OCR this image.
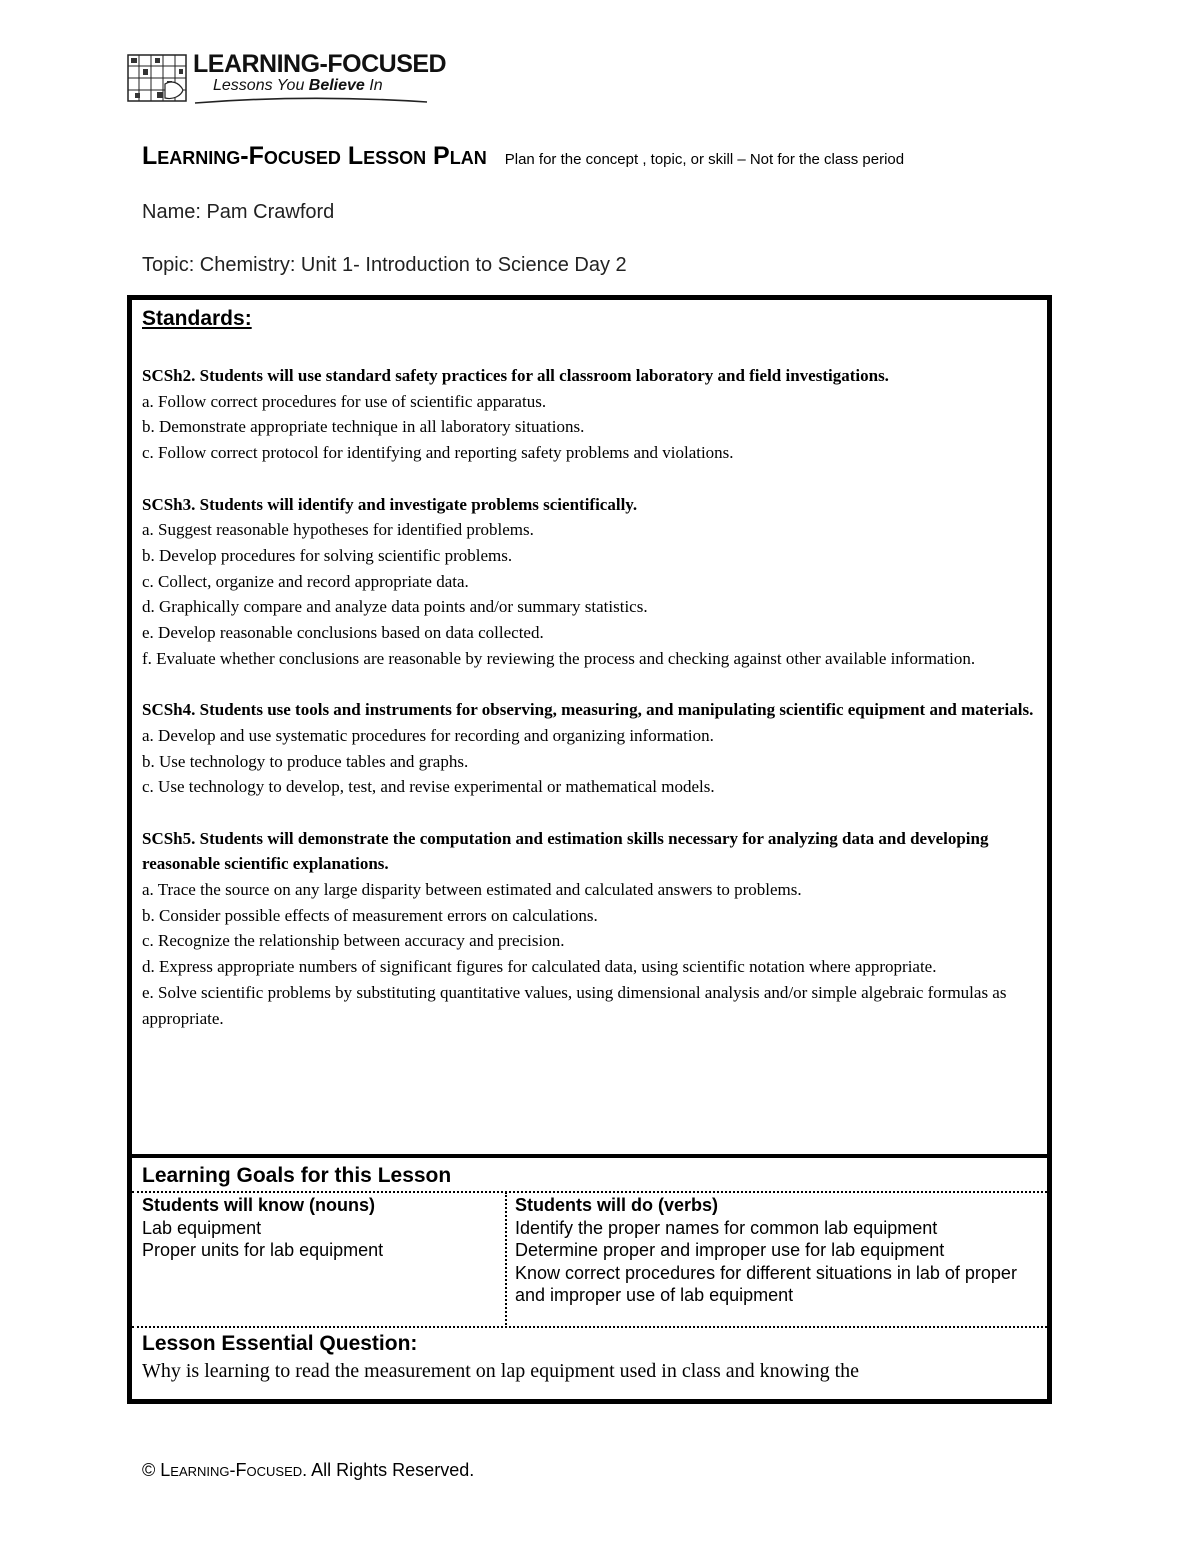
LEARNING-FOCUSED
Lessons You Believe In
Learning-Focused Lesson Plan Plan for the concept , topic, or skill – Not for the class period
Name: Pam Crawford
Topic: Chemistry: Unit 1- Introduction to Science Day 2
Standards:
SCSh2. Students will use standard safety practices for all classroom laboratory and field investigations.
a. Follow correct procedures for use of scientific apparatus.
b. Demonstrate appropriate technique in all laboratory situations.
c. Follow correct protocol for identifying and reporting safety problems and violations.
SCSh3. Students will identify and investigate problems scientifically.
a. Suggest reasonable hypotheses for identified problems.
b. Develop procedures for solving scientific problems.
c. Collect, organize and record appropriate data.
d. Graphically compare and analyze data points and/or summary statistics.
e. Develop reasonable conclusions based on data collected.
f. Evaluate whether conclusions are reasonable by reviewing the process and checking against other available information.
SCSh4. Students use tools and instruments for observing, measuring, and manipulating scientific equipment and materials.
a. Develop and use systematic procedures for recording and organizing information.
b. Use technology to produce tables and graphs.
c. Use technology to develop, test, and revise experimental or mathematical models.
SCSh5. Students will demonstrate the computation and estimation skills necessary for analyzing data and developing reasonable scientific explanations.
a. Trace the source on any large disparity between estimated and calculated answers to problems.
b. Consider possible effects of measurement errors on calculations.
c. Recognize the relationship between accuracy and precision.
d. Express appropriate numbers of significant figures for calculated data, using scientific notation where appropriate.
e. Solve scientific problems by substituting quantitative values, using dimensional analysis and/or simple algebraic formulas as appropriate.
Learning Goals for this Lesson
Students will know (nouns)
Lab equipment
Proper units for lab equipment
Students will do (verbs)
Identify the proper names for common lab equipment
Determine proper and improper use for lab equipment
Know correct procedures for different situations in lab of proper and improper use of lab equipment
Lesson Essential Question:
Why is learning to read the measurement on lap equipment used in class and knowing the
© Learning-Focused. All Rights Reserved.
